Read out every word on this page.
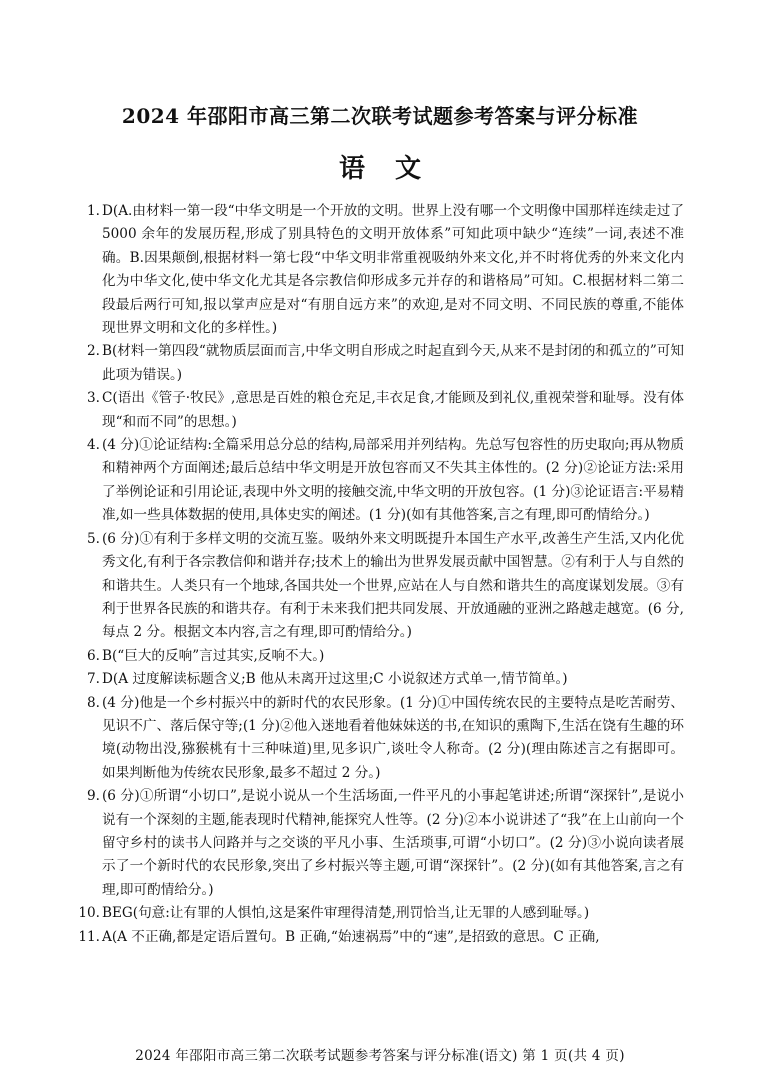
2024 年邵阳市高三第二次联考试题参考答案与评分标准
语文
1. D(A.由材料一第一段“中华文明是一个开放的文明。世界上没有哪一个文明像中国那样连续走过了 5000 余年的发展历程,形成了别具特色的文明开放体系”可知此项中缺少“连续”一词,表述不准确。B.因果颠倒,根据材料一第七段“中华文明非常重视吸纳外来文化,并不时将优秀的外来文化内化为中华文化,使中华文化尤其是各宗教信仰形成多元并存的和谐格局”可知。C.根据材料二第二段最后两行可知,报以掌声应是对“有朋自远方来”的欢迎,是对不同文明、不同民族的尊重,不能体现世界文明和文化的多样性。)
2. B(材料一第四段“就物质层面而言,中华文明自形成之时起直到今天,从来不是封闭的和孤立的”可知此项为错误。)
3. C(语出《管子·牧民》,意思是百姓的粮仓充足,丰衣足食,才能顾及到礼仪,重视荣誉和耻辱。没有体现“和而不同”的思想。)
4. (4 分)①论证结构:全篇采用总分总的结构,局部采用并列结构。先总写包容性的历史取向;再从物质和精神两个方面阐述;最后总结中华文明是开放包容而又不失其主体性的。(2 分)②论证方法:采用了举例论证和引用论证,表现中外文明的接触交流,中华文明的开放包容。(1 分)③论证语言:平易精准,如一些具体数据的使用,具体史实的阐述。(1 分)(如有其他答案,言之有理,即可酌情给分。)
5. (6 分)①有利于多样文明的交流互鉴。吸纳外来文明既提升本国生产水平,改善生产生活,又内化优秀文化,有利于各宗教信仰和谐并存;技术上的输出为世界发展贡献中国智慧。②有利于人与自然的和谐共生。人类只有一个地球,各国共处一个世界,应站在人与自然和谐共生的高度谋划发展。③有利于世界各民族的和谐共存。有利于未来我们把共同发展、开放通融的亚洲之路越走越宽。(6 分,每点 2 分。根据文本内容,言之有理,即可酌情给分。)
6. B(“巨大的反响”言过其实,反响不大。)
7. D(A 过度解读标题含义;B 他从未离开过这里;C 小说叙述方式单一,情节简单。)
8. (4 分)他是一个乡村振兴中的新时代的农民形象。(1 分)①中国传统农民的主要特点是吃苦耐劳、见识不广、落后保守等;(1 分)②他入迷地看着他妹妹送的书,在知识的熏陶下,生活在饶有生趣的环境(动物出没,猕猴桃有十三种味道)里,见多识广,谈吐令人称奇。(2 分)(理由陈述言之有据即可。如果判断他为传统农民形象,最多不超过 2 分。)
9. (6 分)①所谓“小切口”,是说小说从一个生活场面,一件平凡的小事起笔讲述;所谓“深探针”,是说小说有一个深刻的主题,能表现时代精神,能探究人性等。(2 分)②本小说讲述了“我”在上山前向一个留守乡村的读书人问路并与之交谈的平凡小事、生活琐事,可谓“小切口”。(2 分)③小说向读者展示了一个新时代的农民形象,突出了乡村振兴等主题,可谓“深探针”。(2 分)(如有其他答案,言之有理,即可酌情给分。)
10. BEG(句意:让有罪的人惧怕,这是案件审理得清楚,刑罚恰当,让无罪的人感到耻辱。)
11. A(A 不正确,都是定语后置句。B 正确,“始速祸焉”中的“速”,是招致的意思。C 正确,
2024 年邵阳市高三第二次联考试题参考答案与评分标准(语文) 第 1 页(共 4 页)
